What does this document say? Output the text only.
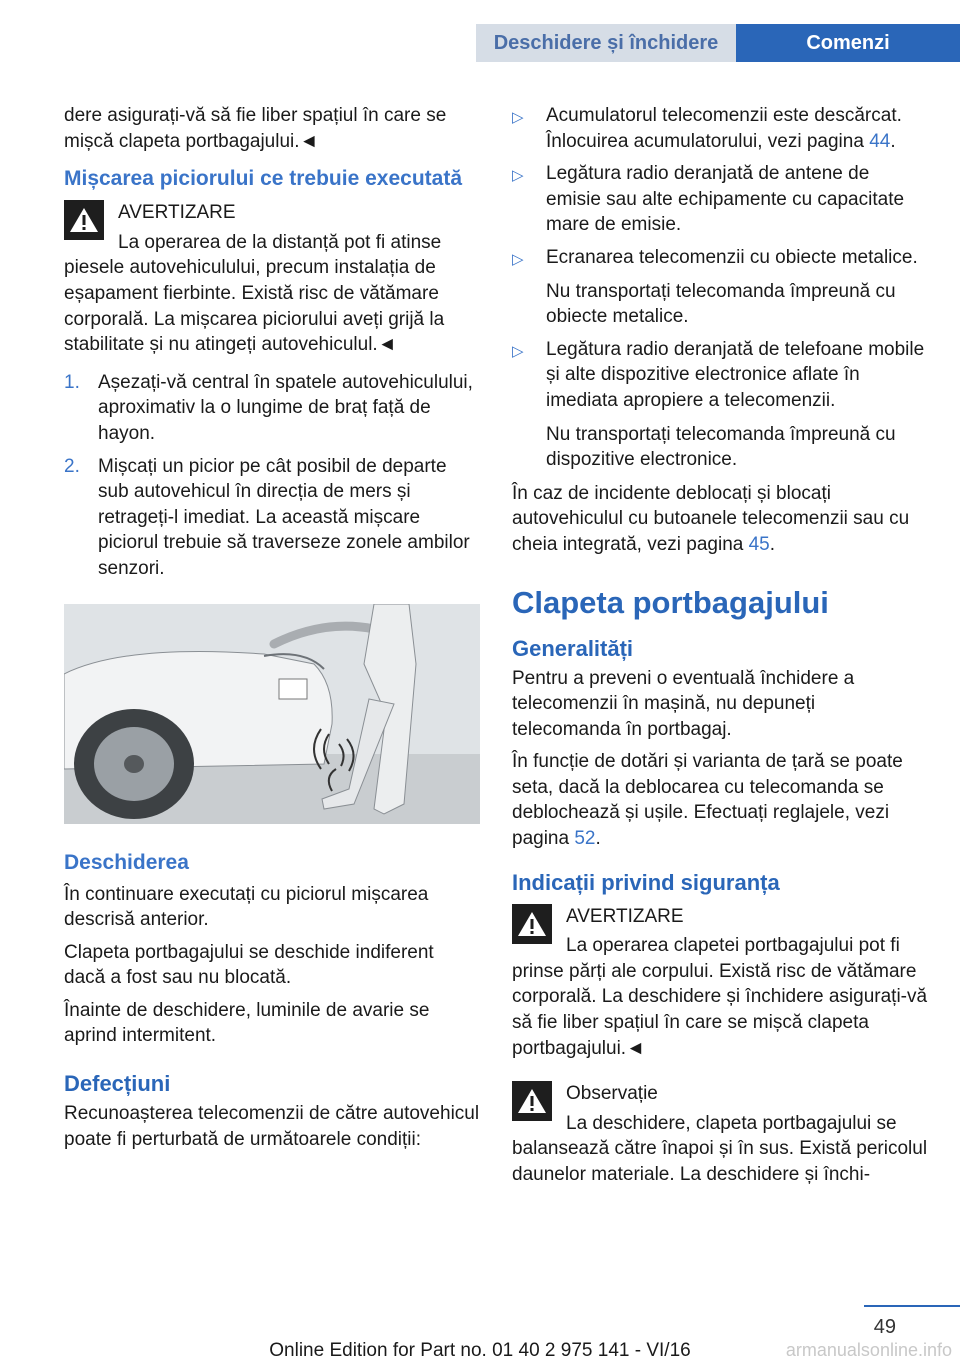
Deschidere și închidere	Comenzi

dere asigurați-vă să fie liber spațiul în care se mișcă clapeta portbagajului.◄

Mișcarea piciorului ce trebuie executată
AVERTIZARE
La operarea de la distanță pot fi atinse
piesele autovehiculului, precum instalația de eșapament fierbinte. Există risc de vătămare corporală. La mișcarea piciorului aveți grijă la stabilitate și nu atingeți autovehiculul.◄
1. Așezați-vă central în spatele autovehiculului, aproximativ la o lungime de braț față de hayon.
2. Mișcați un picior pe cât posibil de departe sub autovehicul în direcția de mers și retrageți-l imediat. La această mișcare piciorul trebuie să traverseze zonele ambilor senzori.
Deschiderea

În continuare executați cu piciorul mișcarea descrisă anterior.

Clapeta portbagajului se deschide indiferent dacă a fost sau nu blocată.

Înainte de deschidere, luminile de avarie se aprind intermitent.

Defecțiuni

Recunoașterea telecomenzii de către autovehicul poate fi perturbată de următoarele condiții:

▷	Acumulatorul telecomenzii este descărcat. Înlocuirea acumulatorului, vezi pagina 44.
▷	Legătura radio deranjată de antene de emisie sau alte echipamente cu capacitate mare de emisie.
▷	Ecranarea telecomenzii cu obiecte metalice.
Nu transportați telecomanda împreună cu obiecte metalice.
▷	Legătura radio deranjată de telefoane mobile și alte dispozitive electronice aflate în imediata apropiere a telecomenzii.
Nu transportați telecomanda împreună cu dispozitive electronice.

În caz de incidente deblocați și blocați autovehiculul cu butoanele telecomenzii sau cu cheia integrată, vezi pagina 45.

Clapeta portbagajului
Generalități

Pentru a preveni o eventuală închidere a telecomenzii în mașină, nu depuneți telecomanda în portbagaj.

În funcție de dotări și varianta de țară se poate seta, dacă la deblocarea cu telecomanda se deblochează și ușile. Efectuați reglajele, vezi pagina 52.

Indicații privind siguranța
AVERTIZARE
La operarea clapetei portbagajului pot fi
prinse părți ale corpului. Există risc de vătămare corporală. La deschidere și închidere asigurați-vă să fie liber spațiul în care se mișcă clapeta portbagajului.◄
Observație
La deschidere, clapeta portbagajului se
balansează către înapoi și în sus. Există pericolul daunelor materiale. La deschidere și închi-
49
Online Edition for Part no. 01 40 2 975 141 - VI/16	armanualsonline.info
